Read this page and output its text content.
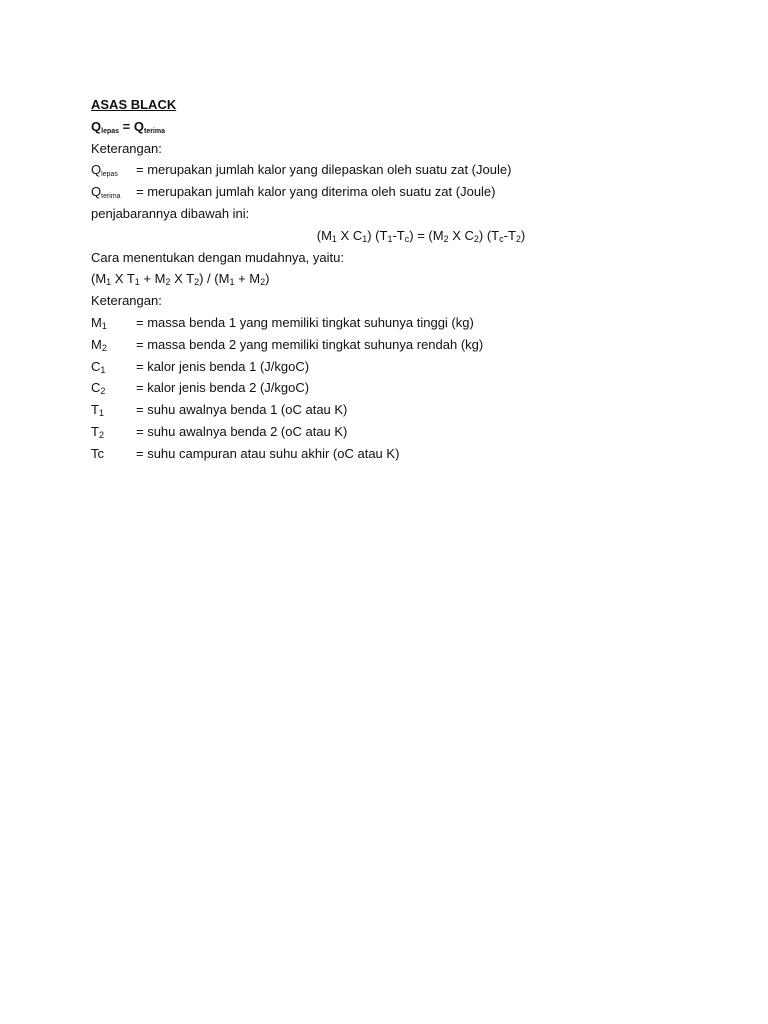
ASAS BLACK
$Q_{lepas} = Q_{terima}$
Keterangan:
$Q_{lepas}$ = merupakan jumlah kalor yang dilepaskan oleh suatu zat (Joule)
$Q_{terima}$ = merupakan jumlah kalor yang diterima oleh suatu zat (Joule)
penjabarannya dibawah ini:
(M1 X C1) (T1-Tc) = (M2 X C2) (Tc-T2)
Cara menentukan dengan mudahnya, yaitu:
(M1 X T1 + M2 X T2) / (M1 + M2)
Keterangan:
M1 = massa benda 1 yang memiliki tingkat suhunya tinggi (kg)
M2 = massa benda 2 yang memiliki tingkat suhunya rendah (kg)
C1 = kalor jenis benda 1 (J/kgoC)
C2 = kalor jenis benda 2 (J/kgoC)
T1 = suhu awalnya benda 1 (oC atau K)
T2 = suhu awalnya benda 2 (oC atau K)
Tc = suhu campuran atau suhu akhir (oC atau K)
